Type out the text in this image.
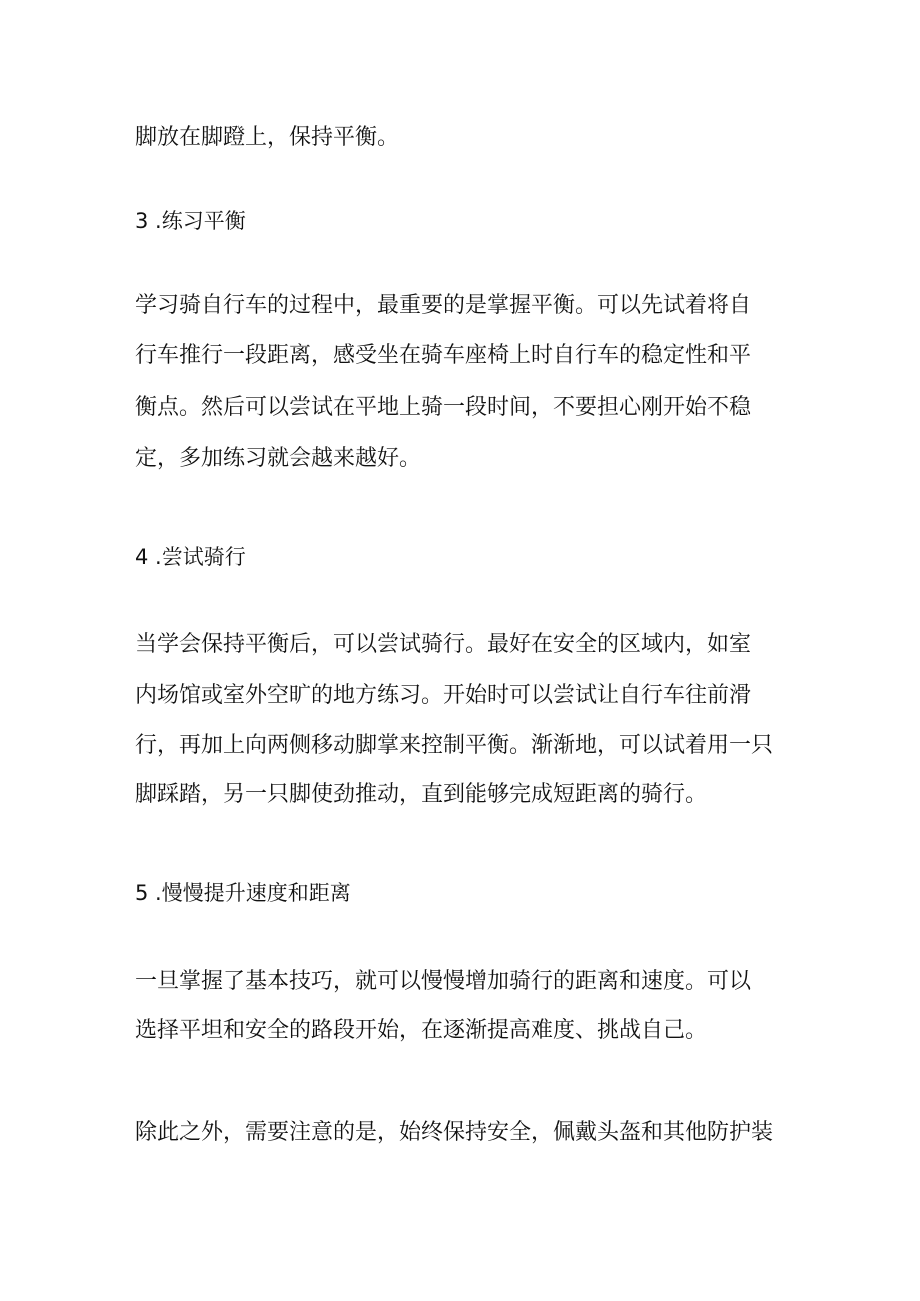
脚放在脚蹬上，保持平衡。
3 .练习平衡
学习骑自行车的过程中，最重要的是掌握平衡。可以先试着将自
行车推行一段距离，感受坐在骑车座椅上时自行车的稳定性和平
衡点。然后可以尝试在平地上骑一段时间，不要担心刚开始不稳
定，多加练习就会越来越好。
4 .尝试骑行
当学会保持平衡后，可以尝试骑行。最好在安全的区域内，如室
内场馆或室外空旷的地方练习。开始时可以尝试让自行车往前滑
行，再加上向两侧移动脚掌来控制平衡。渐渐地，可以试着用一只
脚踩踏，另一只脚使劲推动，直到能够完成短距离的骑行。
5 .慢慢提升速度和距离
一旦掌握了基本技巧，就可以慢慢增加骑行的距离和速度。可以
选择平坦和安全的路段开始，在逐渐提高难度、挑战自己。
除此之外，需要注意的是，始终保持安全，佩戴头盔和其他防护装
